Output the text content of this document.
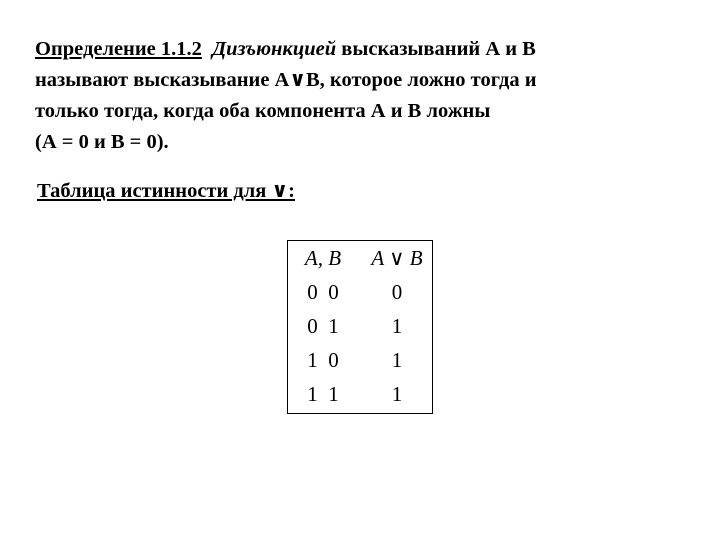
Определение 1.1.2 Дизъюнкцией высказываний А и В
называют высказывание А∨В, которое ложно тогда и
только тогда, когда оба компонента А и В ложны
(А = 0 и В = 0).
Таблица истинности для ∨:
A, B	A ∨ B
0  0	0
0  1	1
1  0	1
1  1	1
